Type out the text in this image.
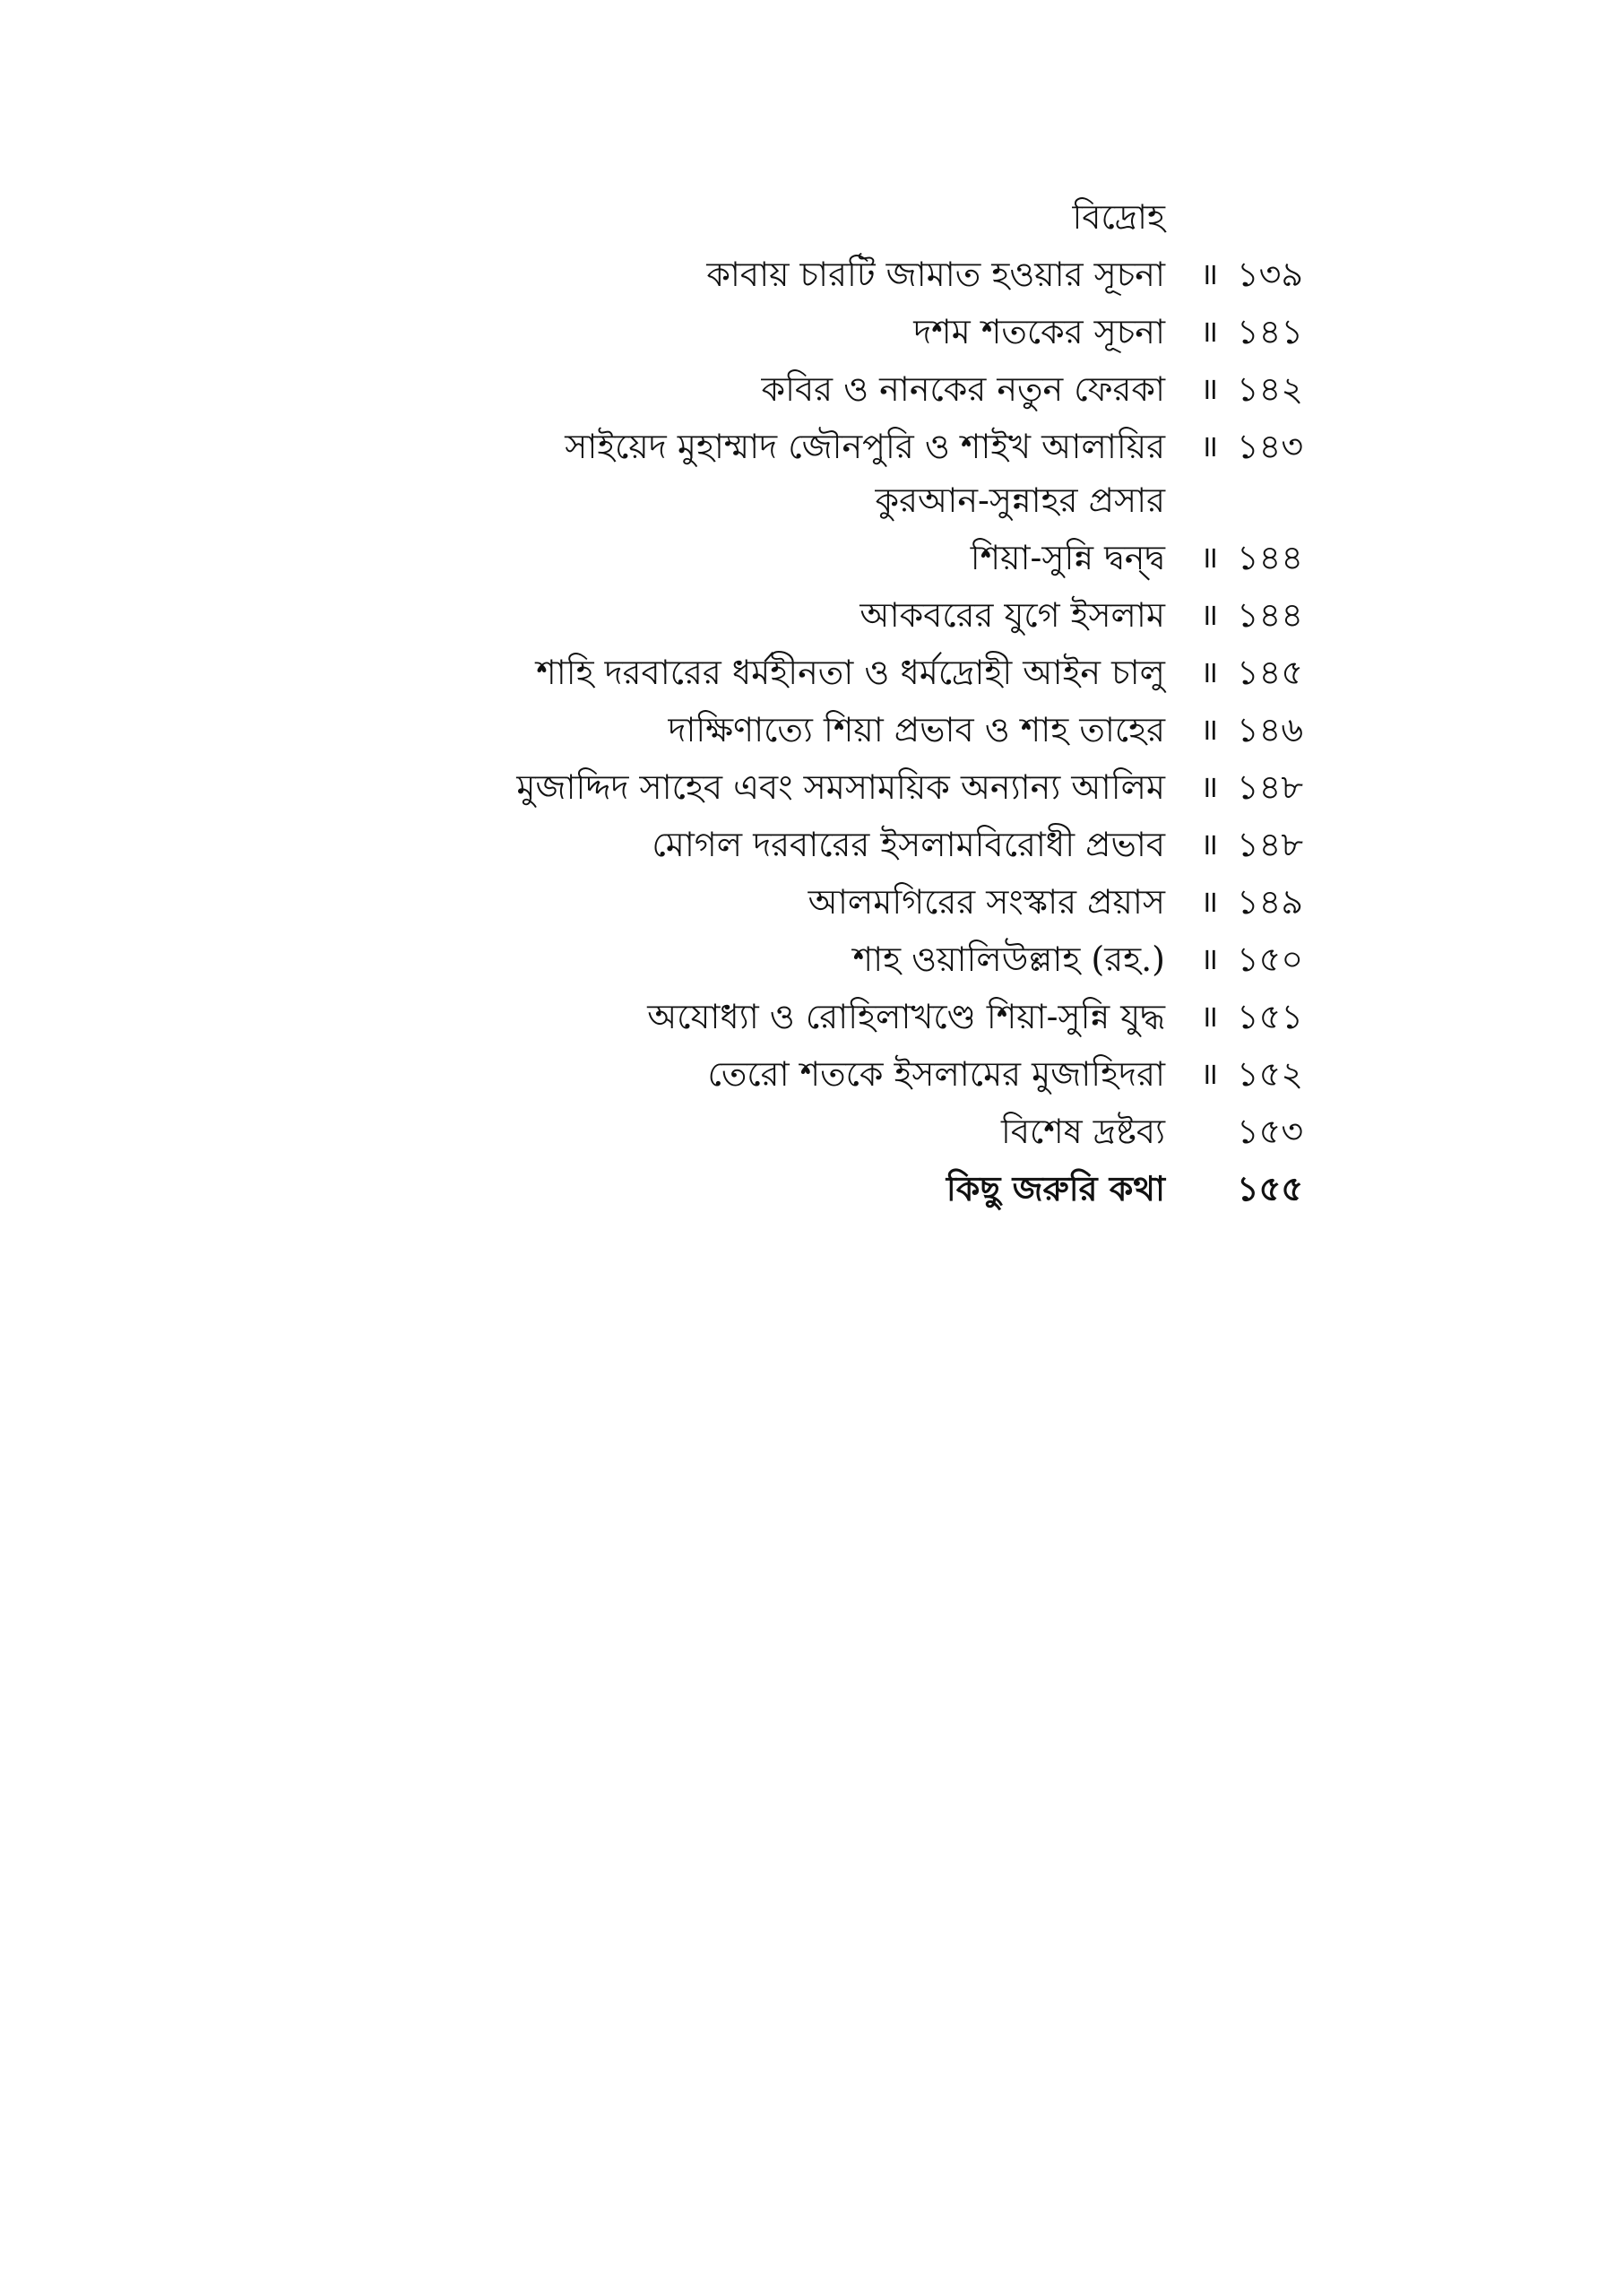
বিদ্রোহ
কাবায় চারটি জামাত হওয়ার সূচনা ॥ ১৩৯
দশম শতকের সূচনা ॥ ১৪১
কবির ও নানকের নতুন ফেরকা ॥ ১৪২
সাইয়েদ মুহাম্মাদ জৌনপুরি ও শাইখ আলায়ির
কুরআন-সুন্নাহর প্রসার
॥ ১৪৩
শিয়া-সুন্নি দ্বন্দ্ব ॥ ১৪৪
আকবরের যুগে ইসলাম ॥ ১৪৪
শাহি দরবারের ধর্মহীনতা ও ধর্মদ্রোহী আইন চালু ॥ ১৪৫
দাক্ষিণাত্যে শিয়া প্রভাব ও শাহ তাহের ॥ ১৪৬
মুজাদ্দিদ সাহেব এবং সমসাময়িক অন্যান্য আলিম ॥ ১৪৮
মোগল দরবারের ইসলামবিরোধী প্রভাব ॥ ১৪৮
আলমগিরের সংস্কার প্রয়াস ॥ ১৪৯
শাহ ওয়ালিউল্লাহ (রহ.) ॥ ১৫০
অযোধ্যা ও রোহিলাখণ্ডে শিয়া-সুন্নি যুদ্ধ ॥ ১৫১
তেরো শতকে ইসলামের মুজাহিদরা ॥ ১৫২
বিশেষ দ্রষ্টব্য ১৫৩
কিছু জরুরি কথা ১৫৫
